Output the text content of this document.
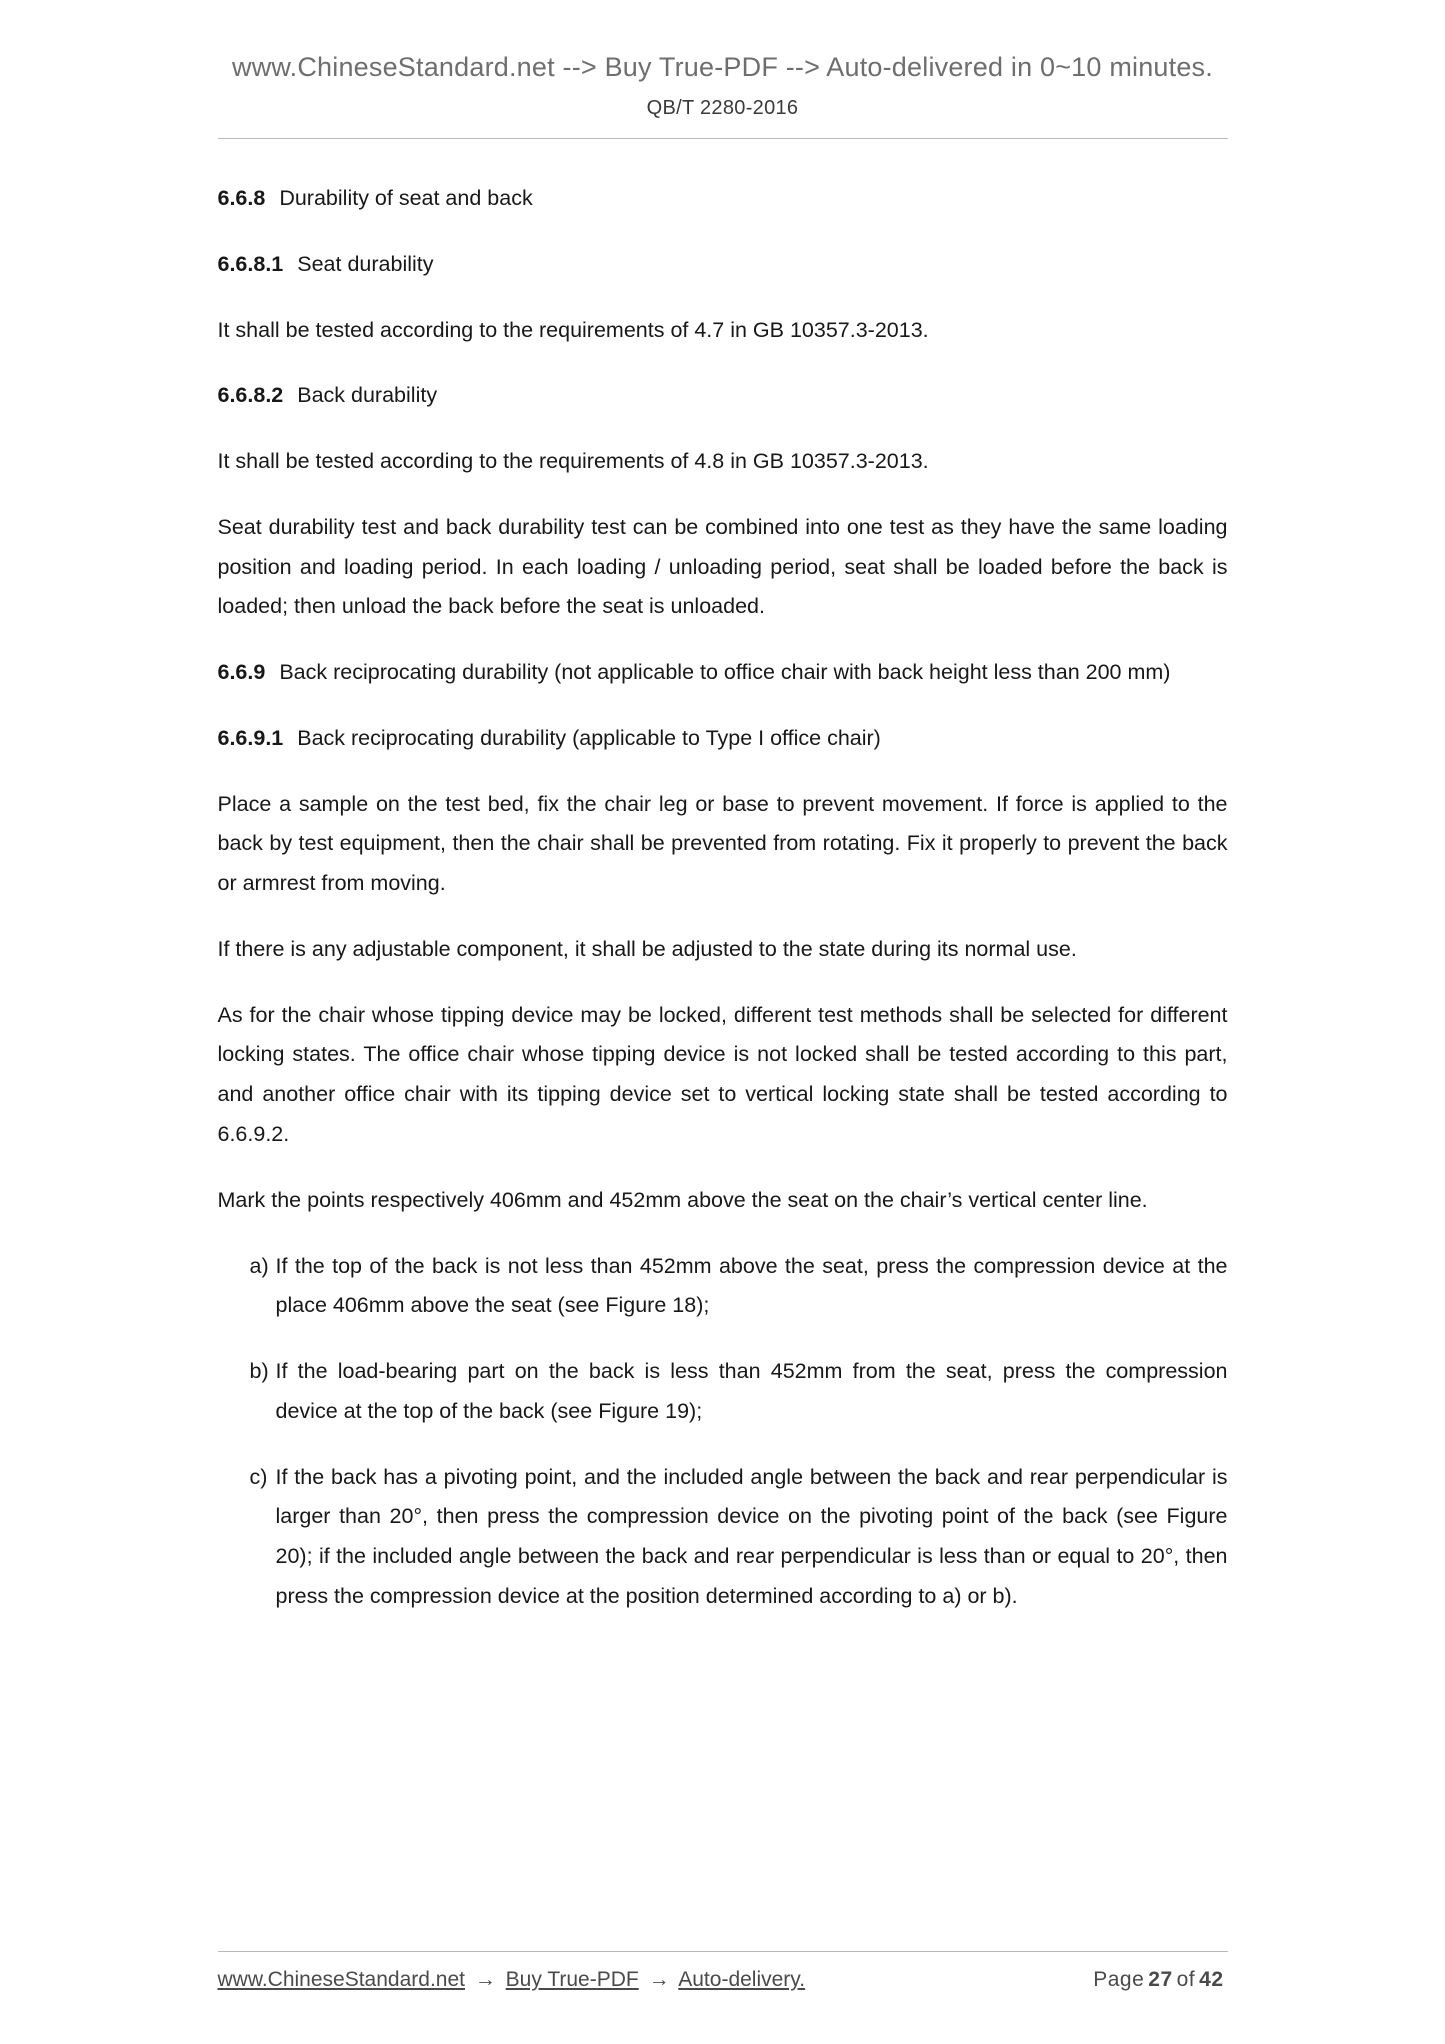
www.ChineseStandard.net --> Buy True-PDF --> Auto-delivered in 0~10 minutes.
QB/T 2280-2016
6.6.8 Durability of seat and back
6.6.8.1 Seat durability
It shall be tested according to the requirements of 4.7 in GB 10357.3-2013.
6.6.8.2 Back durability
It shall be tested according to the requirements of 4.8 in GB 10357.3-2013.
Seat durability test and back durability test can be combined into one test as they have the same loading position and loading period. In each loading / unloading period, seat shall be loaded before the back is loaded; then unload the back before the seat is unloaded.
6.6.9 Back reciprocating durability (not applicable to office chair with back height less than 200 mm)
6.6.9.1 Back reciprocating durability (applicable to Type I office chair)
Place a sample on the test bed, fix the chair leg or base to prevent movement. If force is applied to the back by test equipment, then the chair shall be prevented from rotating. Fix it properly to prevent the back or armrest from moving.
If there is any adjustable component, it shall be adjusted to the state during its normal use.
As for the chair whose tipping device may be locked, different test methods shall be selected for different locking states. The office chair whose tipping device is not locked shall be tested according to this part, and another office chair with its tipping device set to vertical locking state shall be tested according to 6.6.9.2.
Mark the points respectively 406mm and 452mm above the seat on the chair’s vertical center line.
a) If the top of the back is not less than 452mm above the seat, press the compression device at the place 406mm above the seat (see Figure 18);
b) If the load-bearing part on the back is less than 452mm from the seat, press the compression device at the top of the back (see Figure 19);
c) If the back has a pivoting point, and the included angle between the back and rear perpendicular is larger than 20°, then press the compression device on the pivoting point of the back (see Figure 20); if the included angle between the back and rear perpendicular is less than or equal to 20°, then press the compression device at the position determined according to a) or b).
www.ChineseStandard.net → Buy True-PDF → Auto-delivery.	Page 27 of 42
